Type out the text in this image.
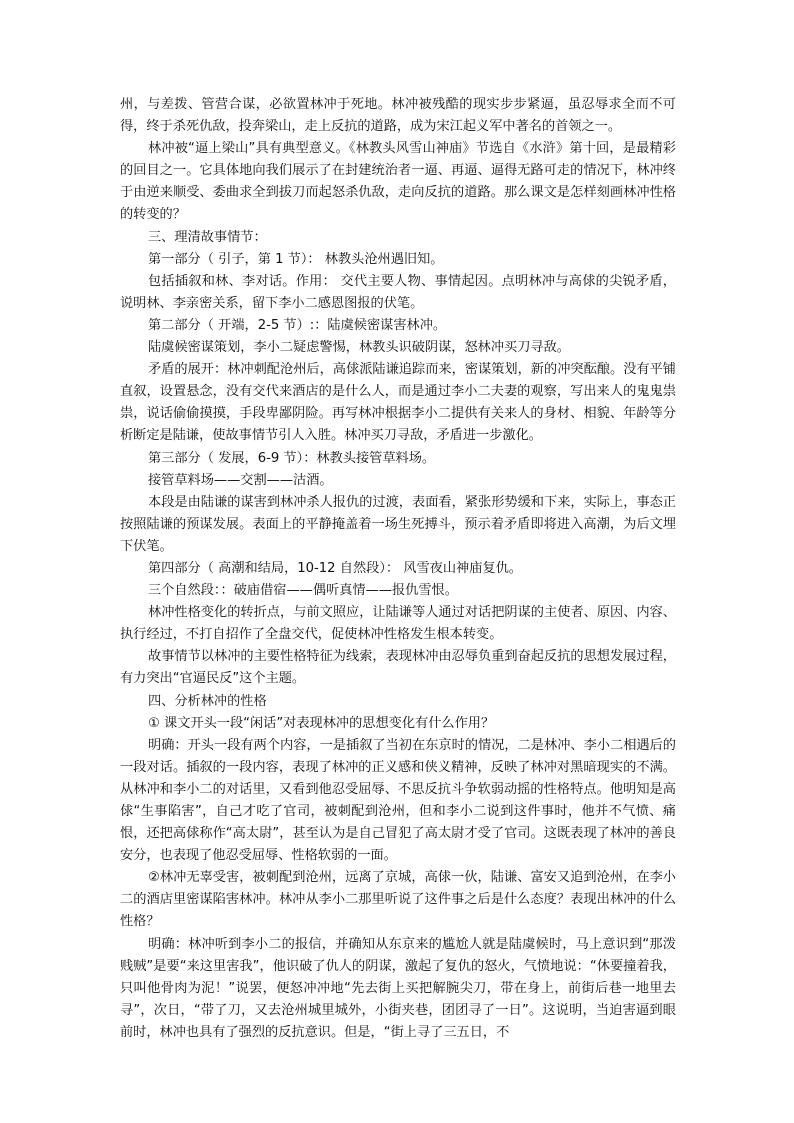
州，与差拨、管营合谋，必欲置林冲于死地。林冲被残酷的现实步步紧逼，虽忍辱求全而不可得，终于杀死仇敌，投奔梁山，走上反抗的道路，成为宋江起义军中著名的首领之一。

林冲被“逼上梁山”具有典型意义。《林教头风雪山神庙》节选自《水浒》第十回，是最精彩的回目之一。它具体地向我们展示了在封建统治者一逼、再逼、逼得无路可走的情况下，林冲终于由逆来顺受、委曲求全到拔刀而起怒杀仇敌，走向反抗的道路。那么课文是怎样刻画林冲性格的转变的？

三、理清故事情节：

第一部分（ 引子，第 1 节）： 林教头沧州遇旧知。

包括插叙和林、李对话。作用： 交代主要人物、事情起因。点明林冲与高俅的尖锐矛盾，说明林、李亲密关系，留下李小二感恩图报的伏笔。

第二部分（ 开端，2-5 节）:：陆虞候密谋害林冲。

陆虞候密谋策划，李小二疑虑警惕，林教头识破阴谋，怒林冲买刀寻敌。

矛盾的展开：林冲刺配沧州后，高俅派陆谦追踪而来，密谋策划，新的冲突酝酿。没有平铺直叙，设置悬念，没有交代来酒店的是什么人，而是通过李小二夫妻的观察，写出来人的鬼鬼祟祟，说话偷偷摸摸，手段卑鄙阴险。再写林冲根据李小二提供有关来人的身材、相貌、年龄等分析断定是陆谦，使故事情节引人入胜。林冲买刀寻敌，矛盾进一步激化。

第三部分（ 发展，6-9 节）：林教头接管草料场。

接管草料场——交割——沽酒。

本段是由陆谦的谋害到林冲杀人报仇的过渡，表面看，紧张形势缓和下来，实际上，事态正按照陆谦的预谋发展。表面上的平静掩盖着一场生死搏斗，预示着矛盾即将进入高潮，为后文埋下伏笔。

第四部分（ 高潮和结局，10-12 自然段）： 风雪夜山神庙复仇。

三个自然段：：破庙借宿——偶听真情——报仇雪恨。

林冲性格变化的转折点，与前文照应，让陆谦等人通过对话把阴谋的主使者、原因、内容、执行经过，不打自招作了全盘交代，促使林冲性格发生根本转变。

故事情节以林冲的主要性格特征为线索，表现林冲由忍辱负重到奋起反抗的思想发展过程，有力突出“官逼民反”这个主题。

四、分析林冲的性格

① 课文开头一段“闲话”对表现林冲的思想变化有什么作用？

明确：开头一段有两个内容，一是插叙了当初在东京时的情况，二是林冲、李小二相遇后的一段对话。插叙的一段内容，表现了林冲的正义感和侠义精神，反映了林冲对黑暗现实的不满。从林冲和李小二的对话里，又看到他忍受屈辱、不思反抗斗争软弱动摇的性格特点。他明知是高俅“生事陷害”，自己才吃了官司，被刺配到沧州，但和李小二说到这件事时，他并不气愤、痛恨，还把高俅称作“高太尉”，甚至认为是自己冒犯了高太尉才受了官司。这既表现了林冲的善良安分，也表现了他忍受屈辱、性格软弱的一面。

②林冲无辜受害，被刺配到沧州，远离了京城，高俅一伙，陆谦、富安又追到沧州，在李小二的酒店里密谋陷害林冲。林冲从李小二那里听说了这件事之后是什么态度？表现出林冲的什么性格？

明确：林冲听到李小二的报信，并确知从东京来的尴尬人就是陆虞候时，马上意识到“那泼贱贼”是要“来这里害我”，他识破了仇人的阴谋，激起了复仇的怒火，气愤地说：“休要撞着我，只叫他骨肉为泥！”说罢，便怒冲冲地“先去街上买把解腕尖刀，带在身上，前街后巷一地里去寻”，次日，“带了刀，又去沧州城里城外，小街夹巷，团团寻了一日”。这说明，当迫害逼到眼前时，林冲也具有了强烈的反抗意识。但是，“街上寻了三五日，不
